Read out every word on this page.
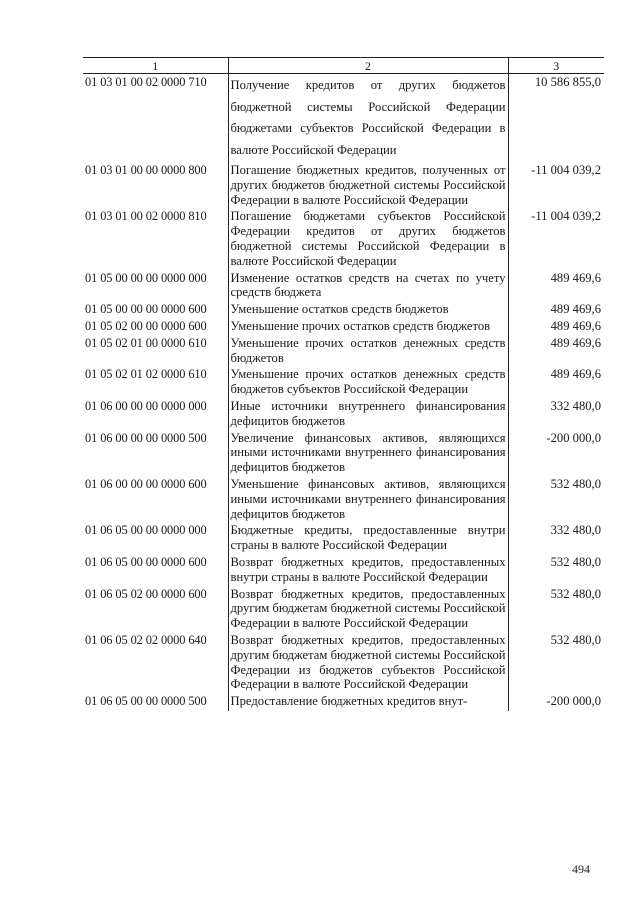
1	2	3
01 03 01 00 02 0000 710	Получение кредитов от других бюджетов бюджетной системы Российской Федерации бюджетами субъектов Российской Федерации в валюте Российской Федерации	10 586 855,0
01 03 01 00 00 0000 800	Погашение бюджетных кредитов, полученных от других бюджетов бюджетной системы Российской Федерации в валюте Российской Федерации	-11 004 039,2
01 03 01 00 02 0000 810	Погашение бюджетами субъектов Российской Федерации кредитов от других бюджетов бюджетной системы Российской Федерации в валюте Российской Федерации	-11 004 039,2
01 05 00 00 00 0000 000	Изменение остатков средств на счетах по учету средств бюджета	489 469,6
01 05 00 00 00 0000 600	Уменьшение остатков средств бюджетов	489 469,6
01 05 02 00 00 0000 600	Уменьшение прочих остатков средств бюджетов	489 469,6
01 05 02 01 00 0000 610	Уменьшение прочих остатков денежных средств бюджетов	489 469,6
01 05 02 01 02 0000 610	Уменьшение прочих остатков денежных средств бюджетов субъектов Российской Федерации	489 469,6
01 06 00 00 00 0000 000	Иные источники внутреннего финансирования дефицитов бюджетов	332 480,0
01 06 00 00 00 0000 500	Увеличение финансовых активов, являющихся иными источниками внутреннего финансирования дефицитов бюджетов	-200 000,0
01 06 00 00 00 0000 600	Уменьшение финансовых активов, являющихся иными источниками внутреннего финансирования дефицитов бюджетов	532 480,0
01 06 05 00 00 0000 000	Бюджетные кредиты, предоставленные внутри страны в валюте Российской Федерации	332 480,0
01 06 05 00 00 0000 600	Возврат бюджетных кредитов, предоставленных внутри страны в валюте Российской Федерации	532 480,0
01 06 05 02 00 0000 600	Возврат бюджетных кредитов, предоставленных другим бюджетам бюджетной системы Российской Федерации в валюте Российской Федерации	532 480,0
01 06 05 02 02 0000 640	Возврат бюджетных кредитов, предоставленных другим бюджетам бюджетной системы Российской Федерации из бюджетов субъектов Российской Федерации в валюте Российской Федерации	532 480,0
01 06 05 00 00 0000 500	Предоставление бюджетных кредитов внут-	-200 000,0
494
